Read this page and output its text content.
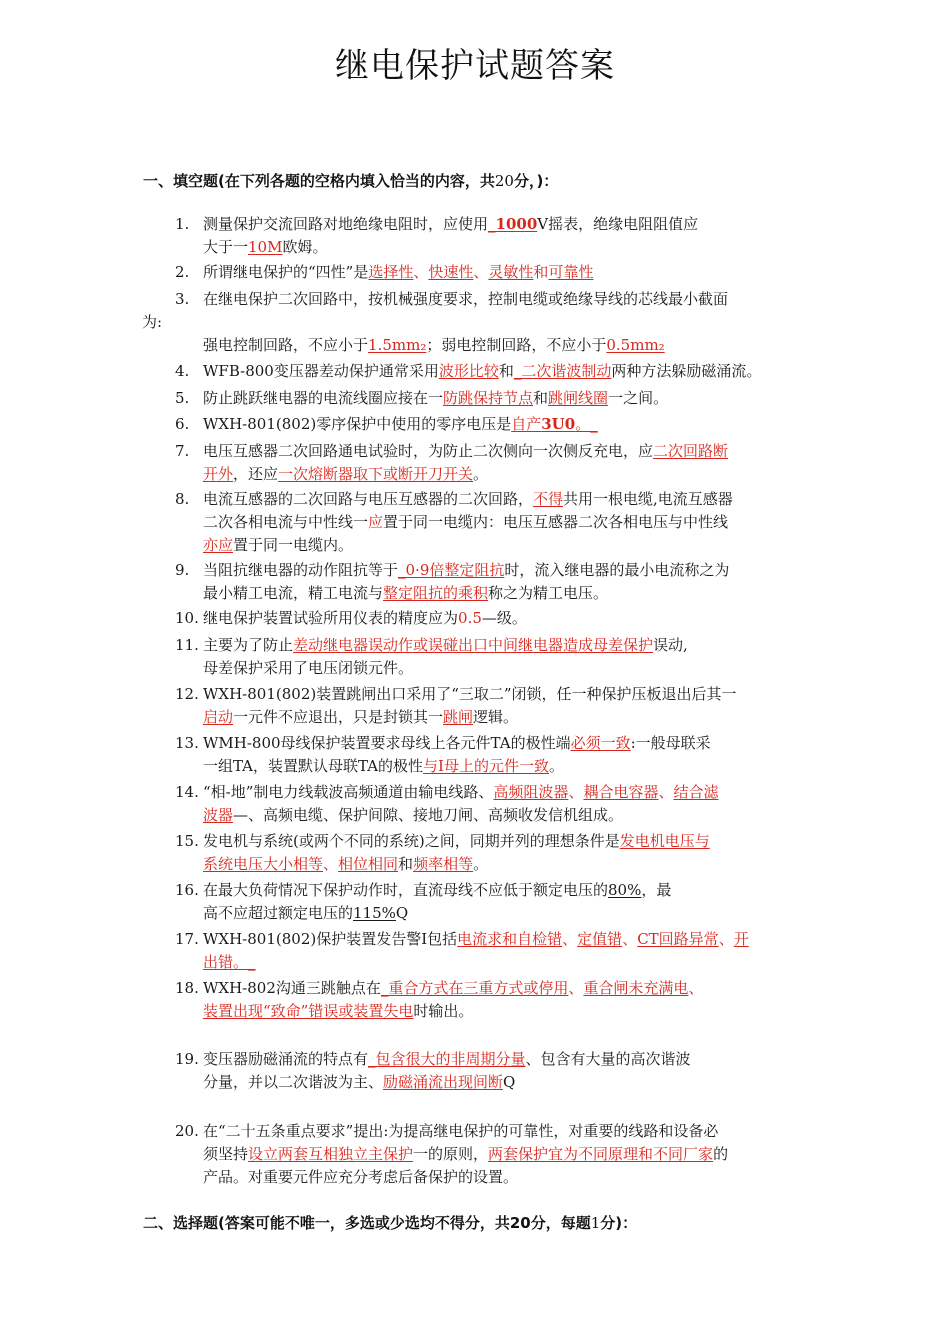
继电保护试题答案
一、填空题(在下列各题的空格内填入恰当的内容，共20分，)：
1. 测量保护交流回路对地绝缘电阻时，应使用_1000V摇表，绝缘电阻阻值应
大于一10M欧姆。
2. 所谓继电保护的“四性”是选择性、快速性、灵敏性和可靠性
3. 在继电保护二次回路中，按机械强度要求，控制电缆或绝缘导线的芯线最小截面
为:
强电控制回路，不应小于1.5mm₂；弱电控制回路，不应小于0.5mm₂
4. WFB-800变压器差动保护通常采用波形比较和_二次谐波制动两种方法躲励磁涌流。
5. 防止跳跃继电器的电流线圈应接在一防跳保持节点和跳闸线圈一之间。
6. WXH-801(802)零序保护中使用的零序电压是自产3U0。_
7. 电压互感器二次回路通电试验时，为防止二次侧向一次侧反充电，应二次回路断
开外，还应一次熔断器取下或断开刀开关。
8. 电流互感器的二次回路与电压互感器的二次回路，不得共用一根电缆,电流互感器
二次各相电流与中性线一应置于同一电缆内：电压互感器二次各相电压与中性线
亦应置于同一电缆内。
9. 当阻抗继电器的动作阻抗等于_0·9倍整定阻抗时，流入继电器的最小电流称之为
最小精工电流，精工电流与整定阻抗的乘积称之为精工电压。
10. 继电保护装置试验所用仪表的精度应为0.5—级。
11. 主要为了防止差动继电器误动作或误碰出口中间继电器造成母差保护误动,
母差保护采用了电压闭锁元件。
12. WXH-801(802)装置跳闸出口采用了“三取二”闭锁，任一种保护压板退出后其一
启动一元件不应退出，只是封锁其一跳闸逻辑。
13. WMH-800母线保护装置要求母线上各元件TA的极性端必须一致:一般母联采
一组TA，装置默认母联TA的极性与I母上的元件一致。
14. “相-地”制电力线载波高频通道由输电线路、高频阻波器、耦合电容器、结合滤
波器—、高频电缆、保护间隙、接地刀闸、高频收发信机组成。
15. 发电机与系统(或两个不同的系统)之间，同期并列的理想条件是发电机电压与
系统电压大小相等、相位相同和频率相等。
16. 在最大负荷情况下保护动作时，直流母线不应低于额定电压的80%，最
高不应超过额定电压的115%Q
17. WXH-801(802)保护装置发告警Ⅰ包括电流求和自检错、定值错、CT回路异常、开
出错。_
18. WXH-802沟通三跳触点在_重合方式在三重方式或停用、重合闸未充满电、
装置出现“致命”错误或装置失电时输出。
19. 变压器励磁涌流的特点有_包含很大的非周期分量、包含有大量的高次谐波
分量，并以二次谐波为主、励磁涌流出现间断Q
20. 在“二十五条重点要求”提出:为提高继电保护的可靠性，对重要的线路和设备必
须坚持设立两套互相独立主保护一的原则，两套保护宜为不同原理和不同厂家的
产品。对重要元件应充分考虑后备保护的设置。
二、选择题(答案可能不唯一，多选或少选均不得分，共20分，每题1分)：
